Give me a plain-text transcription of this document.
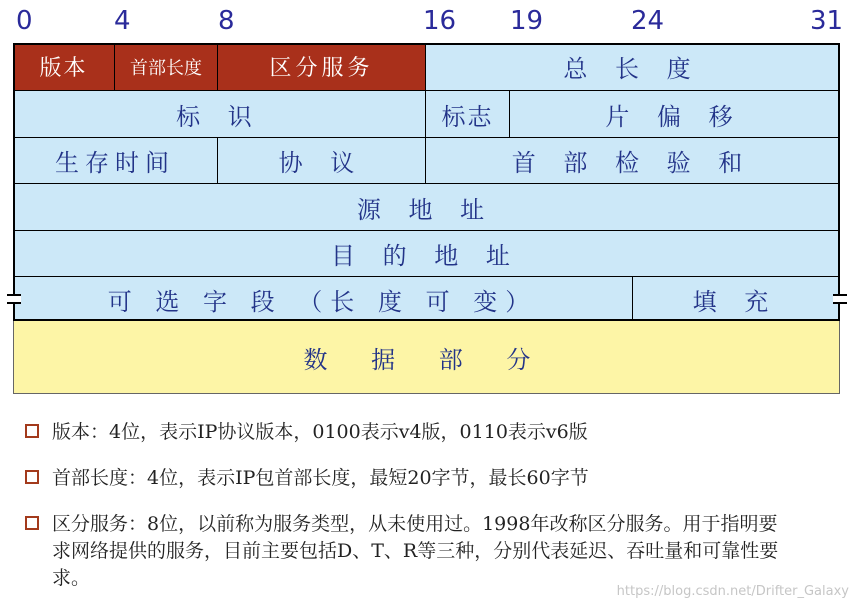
0	4	8	16 19	24	31
版本	首部长度	区分服务	总 长 度
标 识	标志	片 偏 移
生存时间	协 议	首 部 检 验 和
源 地 址
目 的 地 址
可 选 字 段 （长 度 可 变）	填 充
数 据 部 分
版本：4位，表示IP协议版本，0100表示v4版，0110表示v6版
首部长度：4位，表示IP包首部长度，最短20字节，最长60字节
区分服务：8位，以前称为服务类型，从未使用过。1998年改称区分服务。用于指明要求网络提供的服务，目前主要包括D、T、R等三种，分别代表延迟、吞吐量和可靠性要求。
https://blog.csdn.net/Drifter_Galaxy
